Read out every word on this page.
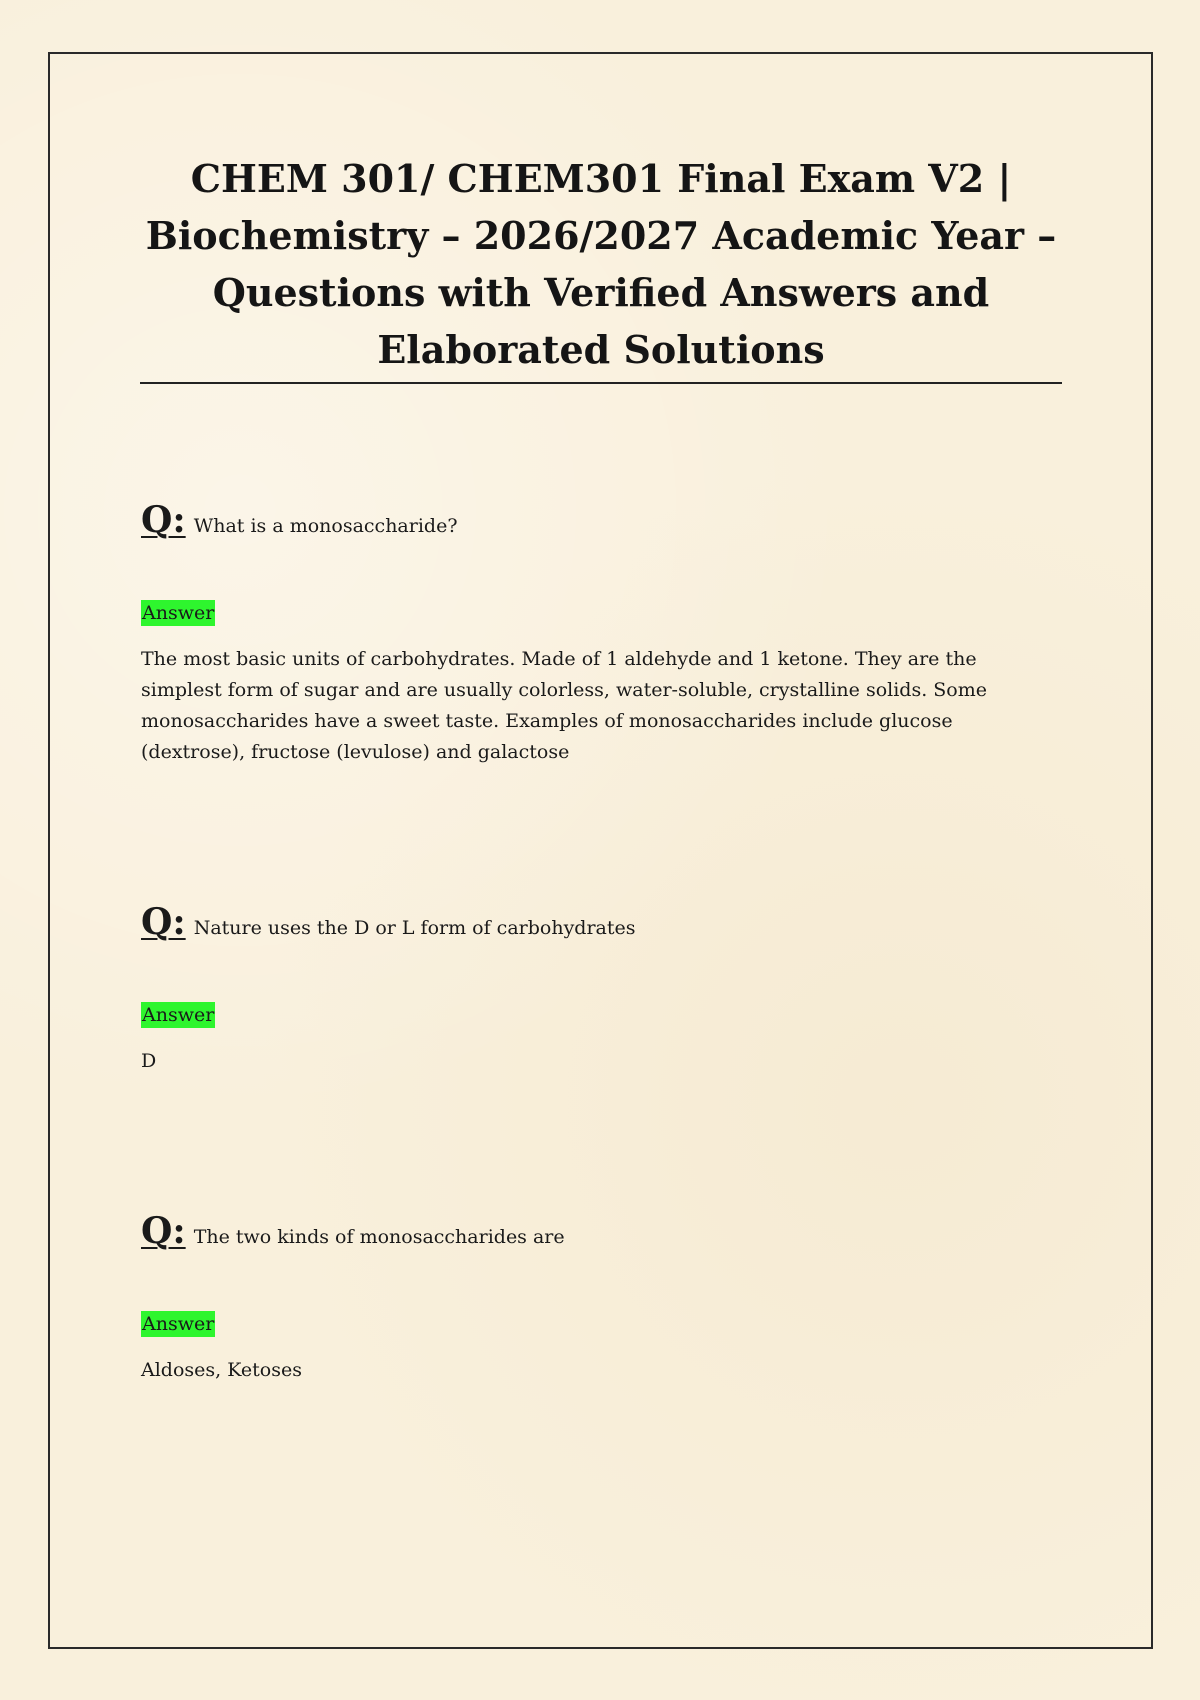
CHEM 301/ CHEM301 Final Exam V2 | Biochemistry – 2026/2027 Academic Year – Questions with Verified Answers and Elaborated Solutions
Q: What is a monosaccharide?
Answer

The most basic units of carbohydrates. Made of 1 aldehyde and 1 ketone. They are the simplest form of sugar and are usually colorless, water-soluble, crystalline solids. Some monosaccharides have a sweet taste. Examples of monosaccharides include glucose (dextrose), fructose (levulose) and galactose

Q: Nature uses the D or L form of carbohydrates
Answer

D

Q: The two kinds of monosaccharides are
Answer

Aldoses, Ketoses
